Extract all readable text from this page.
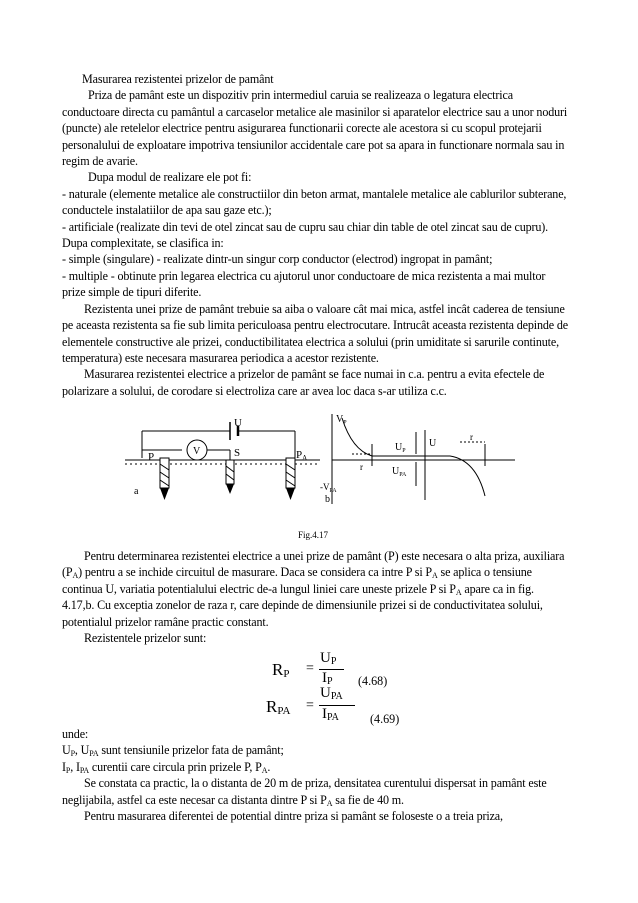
Masurarea rezistentei prizelor de pamânt

Priza de pamânt este un dispozitiv prin intermediul caruia se realizeaza o legatura electrica conductoare directa cu pamântul a carcaselor metalice ale masinilor si aparatelor electrice sau a unor noduri (puncte) ale retelelor electrice pentru asigurarea functionarii corecte ale acestora si cu scopul protejarii personalului de exploatare impotriva tensiunilor accidentale care pot sa apara in functionare normala sau in regim de avarie.

Dupa modul de realizare ele pot fi:

- naturale (elemente metalice ale constructiilor din beton armat, mantalele metalice ale cablurilor subterane, conductele instalatiilor de apa sau gaze etc.);

- artificiale (realizate din tevi de otel zincat sau de cupru sau chiar din table de otel zincat sau de cupru).

Dupa complexitate, se clasifica in:

- simple (singulare) - realizate dintr-un singur corp conductor (electrod) ingropat in pamânt;

- multiple - obtinute prin legarea electrica cu ajutorul unor conductoare de mica rezistenta a mai multor prize simple de tipuri diferite.

Rezistenta unei prize de pamânt trebuie sa aiba o valoare cât mai mica, astfel incât caderea de tensiune pe aceasta rezistenta sa fie sub limita periculoasa pentru electrocutare. Intrucât aceasta rezistenta depinde de elementele constructive ale prizei, conductibilitatea electrica a solului (prin umiditate si sarurile continute, temperatura) este necesara masurarea periodica a acestor rezistente.

Masurarea rezistentei electrice a prizelor de pamânt se face numai in c.a. pentru a evita efectele de polarizare a solului, de corodare si electroliza care ar avea loc daca s-ar utiliza c.c.

U
V
P	S	PA
a
$V_P$
$-V_{PA}$
$U_P$
$U_{PA}$
U
r
r
b
Fig.4.17

Pentru determinarea rezistentei electrice a unei prize de pamânt (P) este necesara o alta priza, auxiliara $(P_A)$ pentru a se inchide circuitul de masurare. Daca se considera ca intre P si $P_A$ se aplica o tensiune continua U, variatia potentialului electric de-a lungul liniei care uneste prizele P si $P_A$ apare ca in fig. 4.17,b. Cu exceptia zonelor de raza r, care depinde de dimensiunile prizei si de conductivitatea solului, potentialul prizelor ramâne practic constant.

Rezistentele prizelor sunt:

$R_P$ =
$U_P$
$I_P$ (4.68)
$R_{PA}$ =
$U_{PA}$
$I_{PA}$	(4.69)

unde:

$U_P$, $U_{PA}$ sunt tensiunile prizelor fata de pamânt;

$I_P$, $I_{PA}$ curentii care circula prin prizele P, $P_A$.

Se constata ca practic, la o distanta de 20 m de priza, densitatea curentului dispersat in pamânt este neglijabila, astfel ca este necesar ca distanta dintre P si $P_A$ sa fie de 40 m.

Pentru masurarea diferentei de potential dintre priza si pamânt se foloseste o a treia priza,
